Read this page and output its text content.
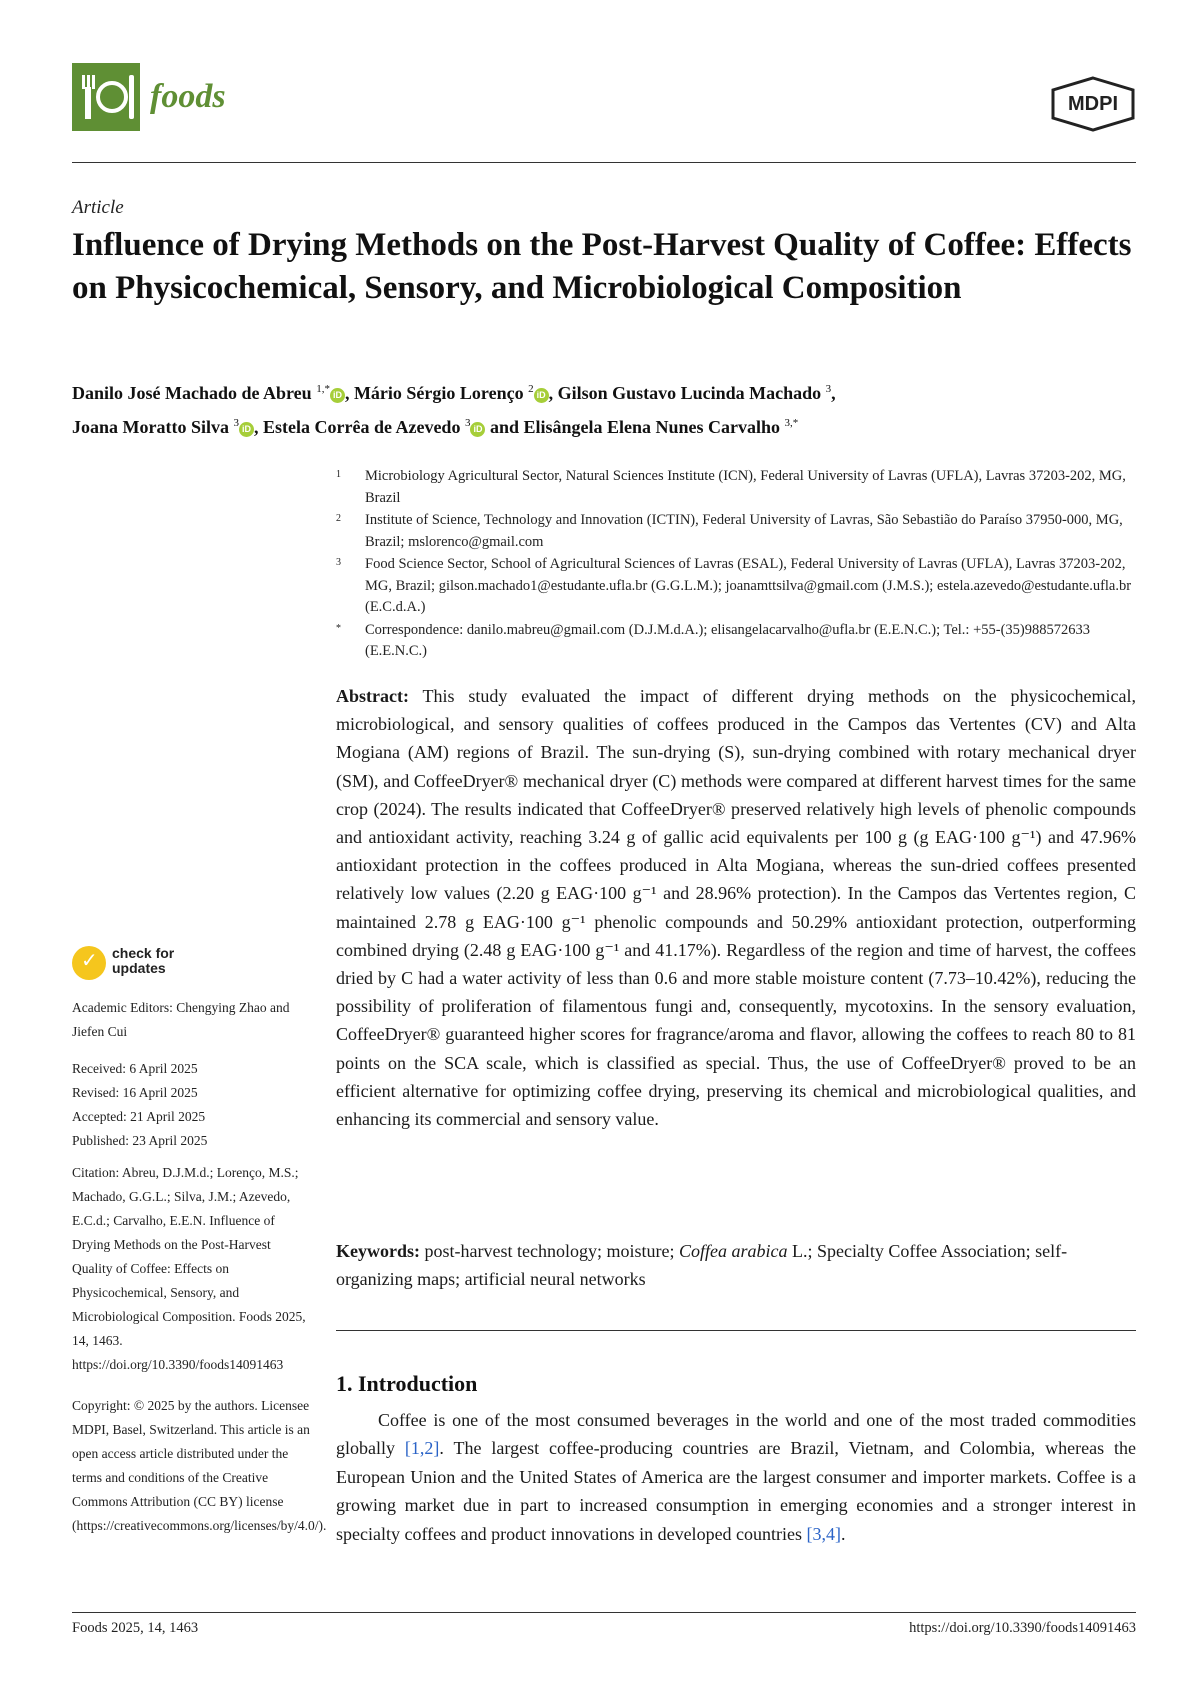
foods	MDPI
Article
Influence of Drying Methods on the Post-Harvest Quality of Coffee: Effects on Physicochemical, Sensory, and Microbiological Composition
Danilo José Machado de Abreu $^{1,*}$ iD , Mário Sérgio Lorenço $^2$ iD , Gilson Gustavo Lucinda Machado $^3$,
Joana Moratto Silva $^3$ iD , Estela Corrêa de Azevedo $^3$ iD and Elisângela Elena Nunes Carvalho $^{3,*}$
1 Microbiology Agricultural Sector, Natural Sciences Institute (ICN), Federal University of Lavras (UFLA), Lavras 37203-202, MG, Brazil
2 Institute of Science, Technology and Innovation (ICTIN), Federal University of Lavras, São Sebastião do Paraíso 37950-000, MG, Brazil; mslorenco@gmail.com
3 Food Science Sector, School of Agricultural Sciences of Lavras (ESAL), Federal University of Lavras (UFLA), Lavras 37203-202, MG, Brazil; gilson.machado1@estudante.ufla.br (G.G.L.M.); joanamttsilva@gmail.com (J.M.S.); estela.azevedo@estudante.ufla.br (E.C.d.A.)
* Correspondence: danilo.mabreu@gmail.com (D.J.M.d.A.); elisangelacarvalho@ufla.br (E.E.N.C.); Tel.: +55-(35)988572633 (E.E.N.C.)
Abstract: This study evaluated the impact of different drying methods on the physicochemical, microbiological, and sensory qualities of coffees produced in the Campos das Vertentes (CV) and Alta Mogiana (AM) regions of Brazil. The sun-drying (S), sun-drying combined with rotary mechanical dryer (SM), and CoffeeDryer® mechanical dryer (C) methods were compared at different harvest times for the same crop (2024). The results indicated that CoffeeDryer® preserved relatively high levels of phenolic compounds and antioxidant activity, reaching 3.24 g of gallic acid equivalents per 100 g (g EAG·100 g⁻¹) and 47.96% antioxidant protection in the coffees produced in Alta Mogiana, whereas the sun-dried coffees presented relatively low values (2.20 g EAG·100 g⁻¹ and 28.96% protection). In the Campos das Vertentes region, C maintained 2.78 g EAG·100 g⁻¹ phenolic compounds and 50.29% antioxidant protection, outperforming combined drying (2.48 g EAG·100 g⁻¹ and 41.17%). Regardless of the region and time of harvest, the coffees dried by C had a water activity of less than 0.6 and more stable moisture content (7.73–10.42%), reducing the possibility of proliferation of filamentous fungi and, consequently, mycotoxins. In the sensory evaluation, CoffeeDryer® guaranteed higher scores for fragrance/aroma and flavor, allowing the coffees to reach 80 to 81 points on the SCA scale, which is classified as special. Thus, the use of CoffeeDryer® proved to be an efficient alternative for optimizing coffee drying, preserving its chemical and microbiological qualities, and enhancing its commercial and sensory value.
Keywords: post-harvest technology; moisture; Coffea arabica L.; Specialty Coffee Association; self-organizing maps; artificial neural networks
1. Introduction
Coffee is one of the most consumed beverages in the world and one of the most traded commodities globally [1,2]. The largest coffee-producing countries are Brazil, Vietnam, and Colombia, whereas the European Union and the United States of America are the largest consumer and importer markets. Coffee is a growing market due in part to increased consumption in emerging economies and a stronger interest in specialty coffees and product innovations in developed countries [3,4].
✓ check for updates
Academic Editors: Chengying Zhao and Jiefen Cui
Received: 6 April 2025
Revised: 16 April 2025
Accepted: 21 April 2025
Published: 23 April 2025
Citation: Abreu, D.J.M.d.; Lorenço, M.S.; Machado, G.G.L.; Silva, J.M.; Azevedo, E.C.d.; Carvalho, E.E.N. Influence of Drying Methods on the Post-Harvest Quality of Coffee: Effects on Physicochemical, Sensory, and Microbiological Composition. Foods 2025, 14, 1463. https://doi.org/10.3390/foods14091463
Copyright: © 2025 by the authors. Licensee MDPI, Basel, Switzerland. This article is an open access article distributed under the terms and conditions of the Creative Commons Attribution (CC BY) license (https://creativecommons.org/licenses/by/4.0/).
Foods 2025, 14, 1463	https://doi.org/10.3390/foods14091463
